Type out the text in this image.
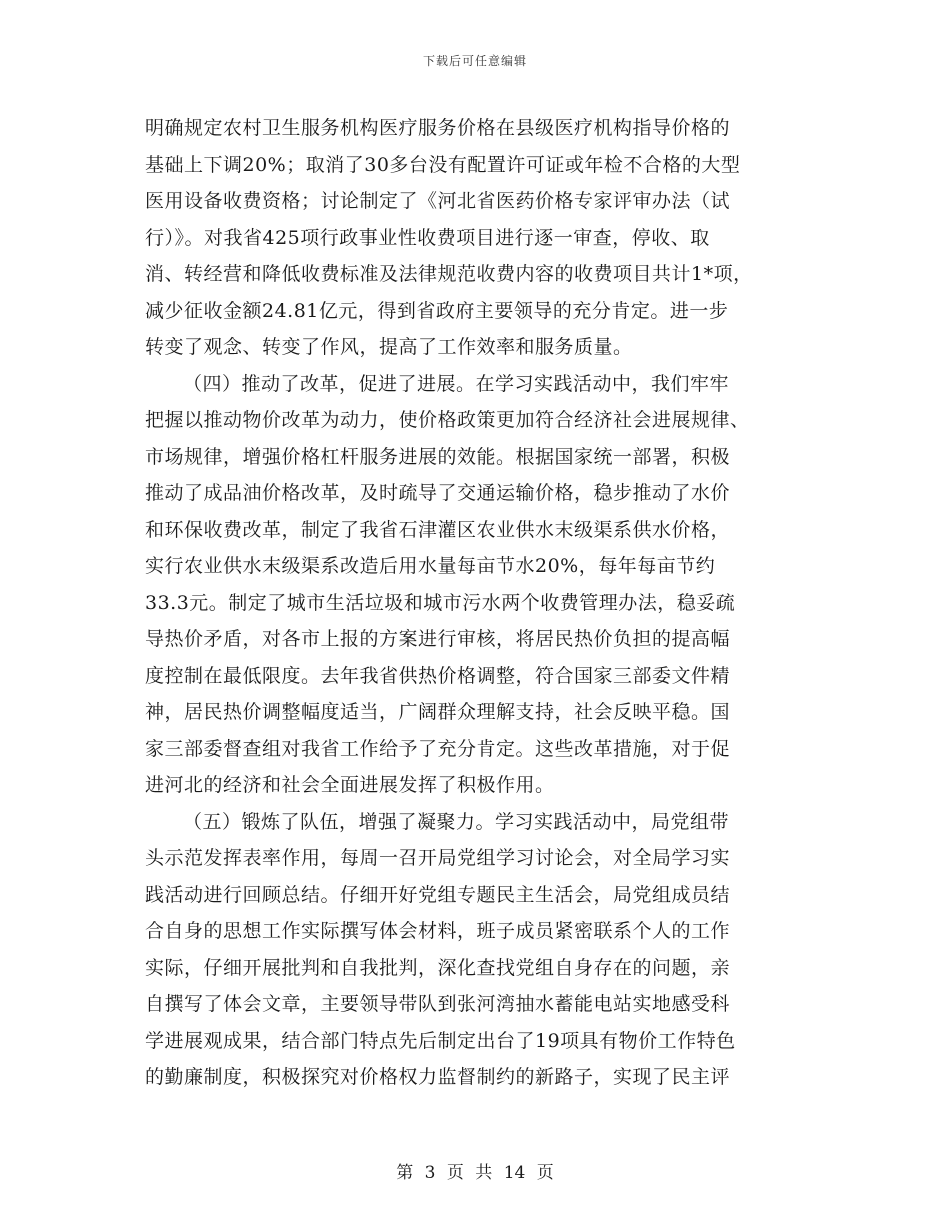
下载后可任意编辑
明确规定农村卫生服务机构医疗服务价格在县级医疗机构指导价格的
基础上下调20%；取消了30多台没有配置许可证或年检不合格的大型
医用设备收费资格；讨论制定了《河北省医药价格专家评审办法（试
行）》。对我省425项行政事业性收费项目进行逐一审查，停收、取
消、转经营和降低收费标准及法律规范收费内容的收费项目共计1*项，
减少征收金额24.81亿元，得到省政府主要领导的充分肯定。进一步
转变了观念、转变了作风，提高了工作效率和服务质量。
（四）推动了改革，促进了进展。在学习实践活动中，我们牢牢
把握以推动物价改革为动力，使价格政策更加符合经济社会进展规律、
市场规律，增强价格杠杆服务进展的效能。根据国家统一部署，积极
推动了成品油价格改革，及时疏导了交通运输价格，稳步推动了水价
和环保收费改革，制定了我省石津灌区农业供水末级渠系供水价格，
实行农业供水末级渠系改造后用水量每亩节水20%，每年每亩节约
33.3元。制定了城市生活垃圾和城市污水两个收费管理办法，稳妥疏
导热价矛盾，对各市上报的方案进行审核，将居民热价负担的提高幅
度控制在最低限度。去年我省供热价格调整，符合国家三部委文件精
神，居民热价调整幅度适当，广阔群众理解支持，社会反映平稳。国
家三部委督查组对我省工作给予了充分肯定。这些改革措施，对于促
进河北的经济和社会全面进展发挥了积极作用。
（五）锻炼了队伍，增强了凝聚力。学习实践活动中，局党组带
头示范发挥表率作用，每周一召开局党组学习讨论会，对全局学习实
践活动进行回顾总结。仔细开好党组专题民主生活会，局党组成员结
合自身的思想工作实际撰写体会材料，班子成员紧密联系个人的工作
实际，仔细开展批判和自我批判，深化查找党组自身存在的问题，亲
自撰写了体会文章，主要领导带队到张河湾抽水蓄能电站实地感受科
学进展观成果，结合部门特点先后制定出台了19项具有物价工作特色
的勤廉制度，积极探究对价格权力监督制约的新路子，实现了民主评
第 3 页 共 14 页
